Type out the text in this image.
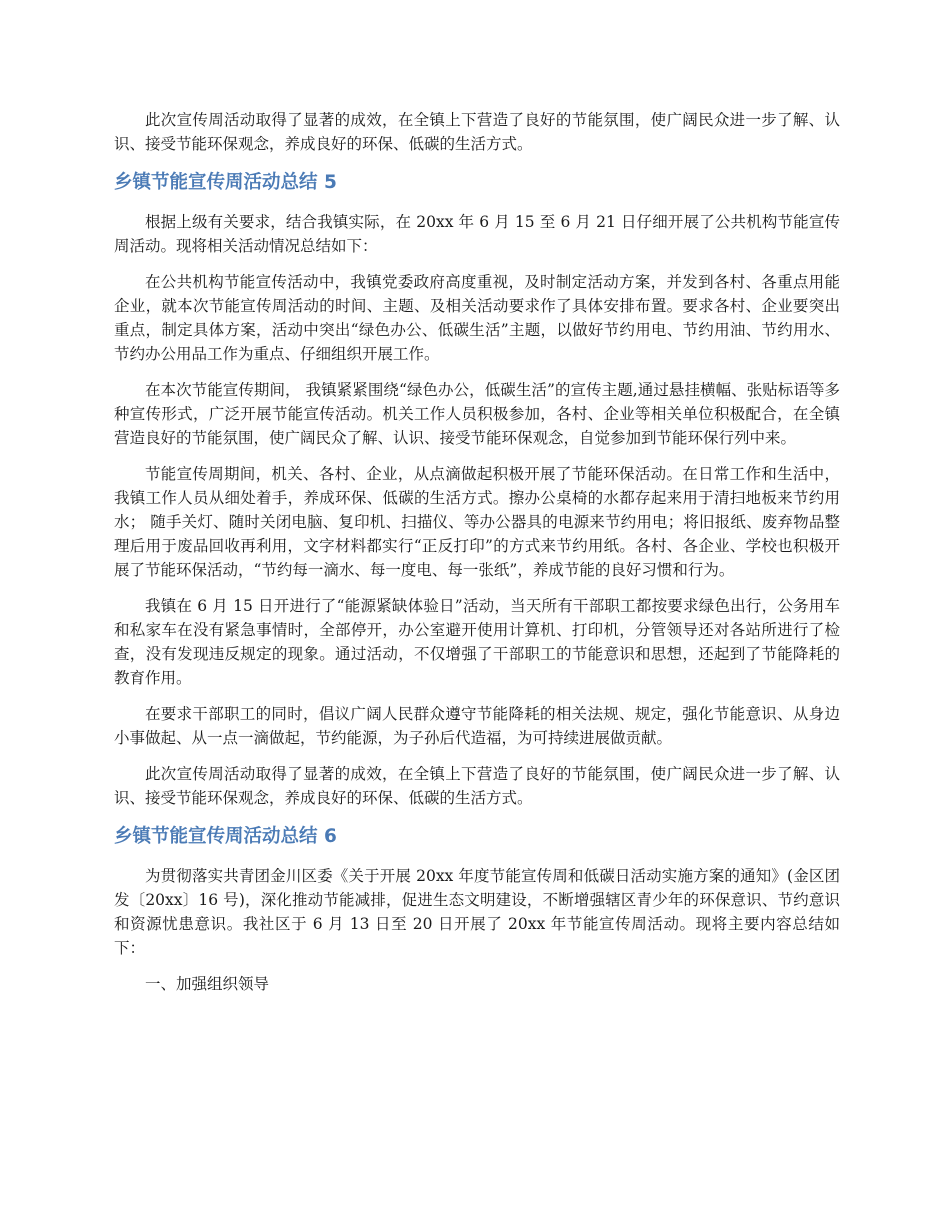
此次宣传周活动取得了显著的成效，在全镇上下营造了良好的节能氛围，使广阔民众进一步了解、认识、接受节能环保观念，养成良好的环保、低碳的生活方式。

乡镇节能宣传周活动总结 5

根据上级有关要求，结合我镇实际，在 20xx 年 6 月 15 至 6 月 21 日仔细开展了公共机构节能宣传周活动。现将相关活动情况总结如下：

在公共机构节能宣传活动中，我镇党委政府高度重视，及时制定活动方案，并发到各村、各重点用能企业，就本次节能宣传周活动的时间、主题、及相关活动要求作了具体安排布置。要求各村、企业要突出重点，制定具体方案，活动中突出“绿色办公、低碳生活”主题，以做好节约用电、节约用油、节约用水、节约办公用品工作为重点、仔细组织开展工作。

在本次节能宣传期间， 我镇紧紧围绕“绿色办公，低碳生活”的宣传主题,通过悬挂横幅、张贴标语等多种宣传形式，广泛开展节能宣传活动。机关工作人员积极参加，各村、企业等相关单位积极配合，在全镇营造良好的节能氛围，使广阔民众了解、认识、接受节能环保观念，自觉参加到节能环保行列中来。

节能宣传周期间，机关、各村、企业，从点滴做起积极开展了节能环保活动。在日常工作和生活中，我镇工作人员从细处着手，养成环保、低碳的生活方式。擦办公桌椅的水都存起来用于清扫地板来节约用水； 随手关灯、随时关闭电脑、复印机、扫描仪、等办公器具的电源来节约用电；将旧报纸、废弃物品整理后用于废品回收再利用，文字材料都实行“正反打印”的方式来节约用纸。各村、各企业、学校也积极开展了节能环保活动，“节约每一滴水、每一度电、每一张纸”，养成节能的良好习惯和行为。

我镇在 6 月 15 日开进行了“能源紧缺体验日”活动，当天所有干部职工都按要求绿色出行，公务用车和私家车在没有紧急事情时，全部停开，办公室避开使用计算机、打印机，分管领导还对各站所进行了检查，没有发现违反规定的现象。通过活动，不仅增强了干部职工的节能意识和思想，还起到了节能降耗的教育作用。

在要求干部职工的同时，倡议广阔人民群众遵守节能降耗的相关法规、规定，强化节能意识、从身边小事做起、从一点一滴做起，节约能源，为子孙后代造福，为可持续进展做贡献。

此次宣传周活动取得了显著的成效，在全镇上下营造了良好的节能氛围，使广阔民众进一步了解、认识、接受节能环保观念，养成良好的环保、低碳的生活方式。

乡镇节能宣传周活动总结 6

为贯彻落实共青团金川区委《关于开展 20xx 年度节能宣传周和低碳日活动实施方案的通知》(金区团发〔20xx〕16 号)，深化推动节能减排，促进生态文明建设，不断增强辖区青少年的环保意识、节约意识和资源忧患意识。我社区于 6 月 13 日至 20 日开展了 20xx 年节能宣传周活动。现将主要内容总结如下：

一、加强组织领导
